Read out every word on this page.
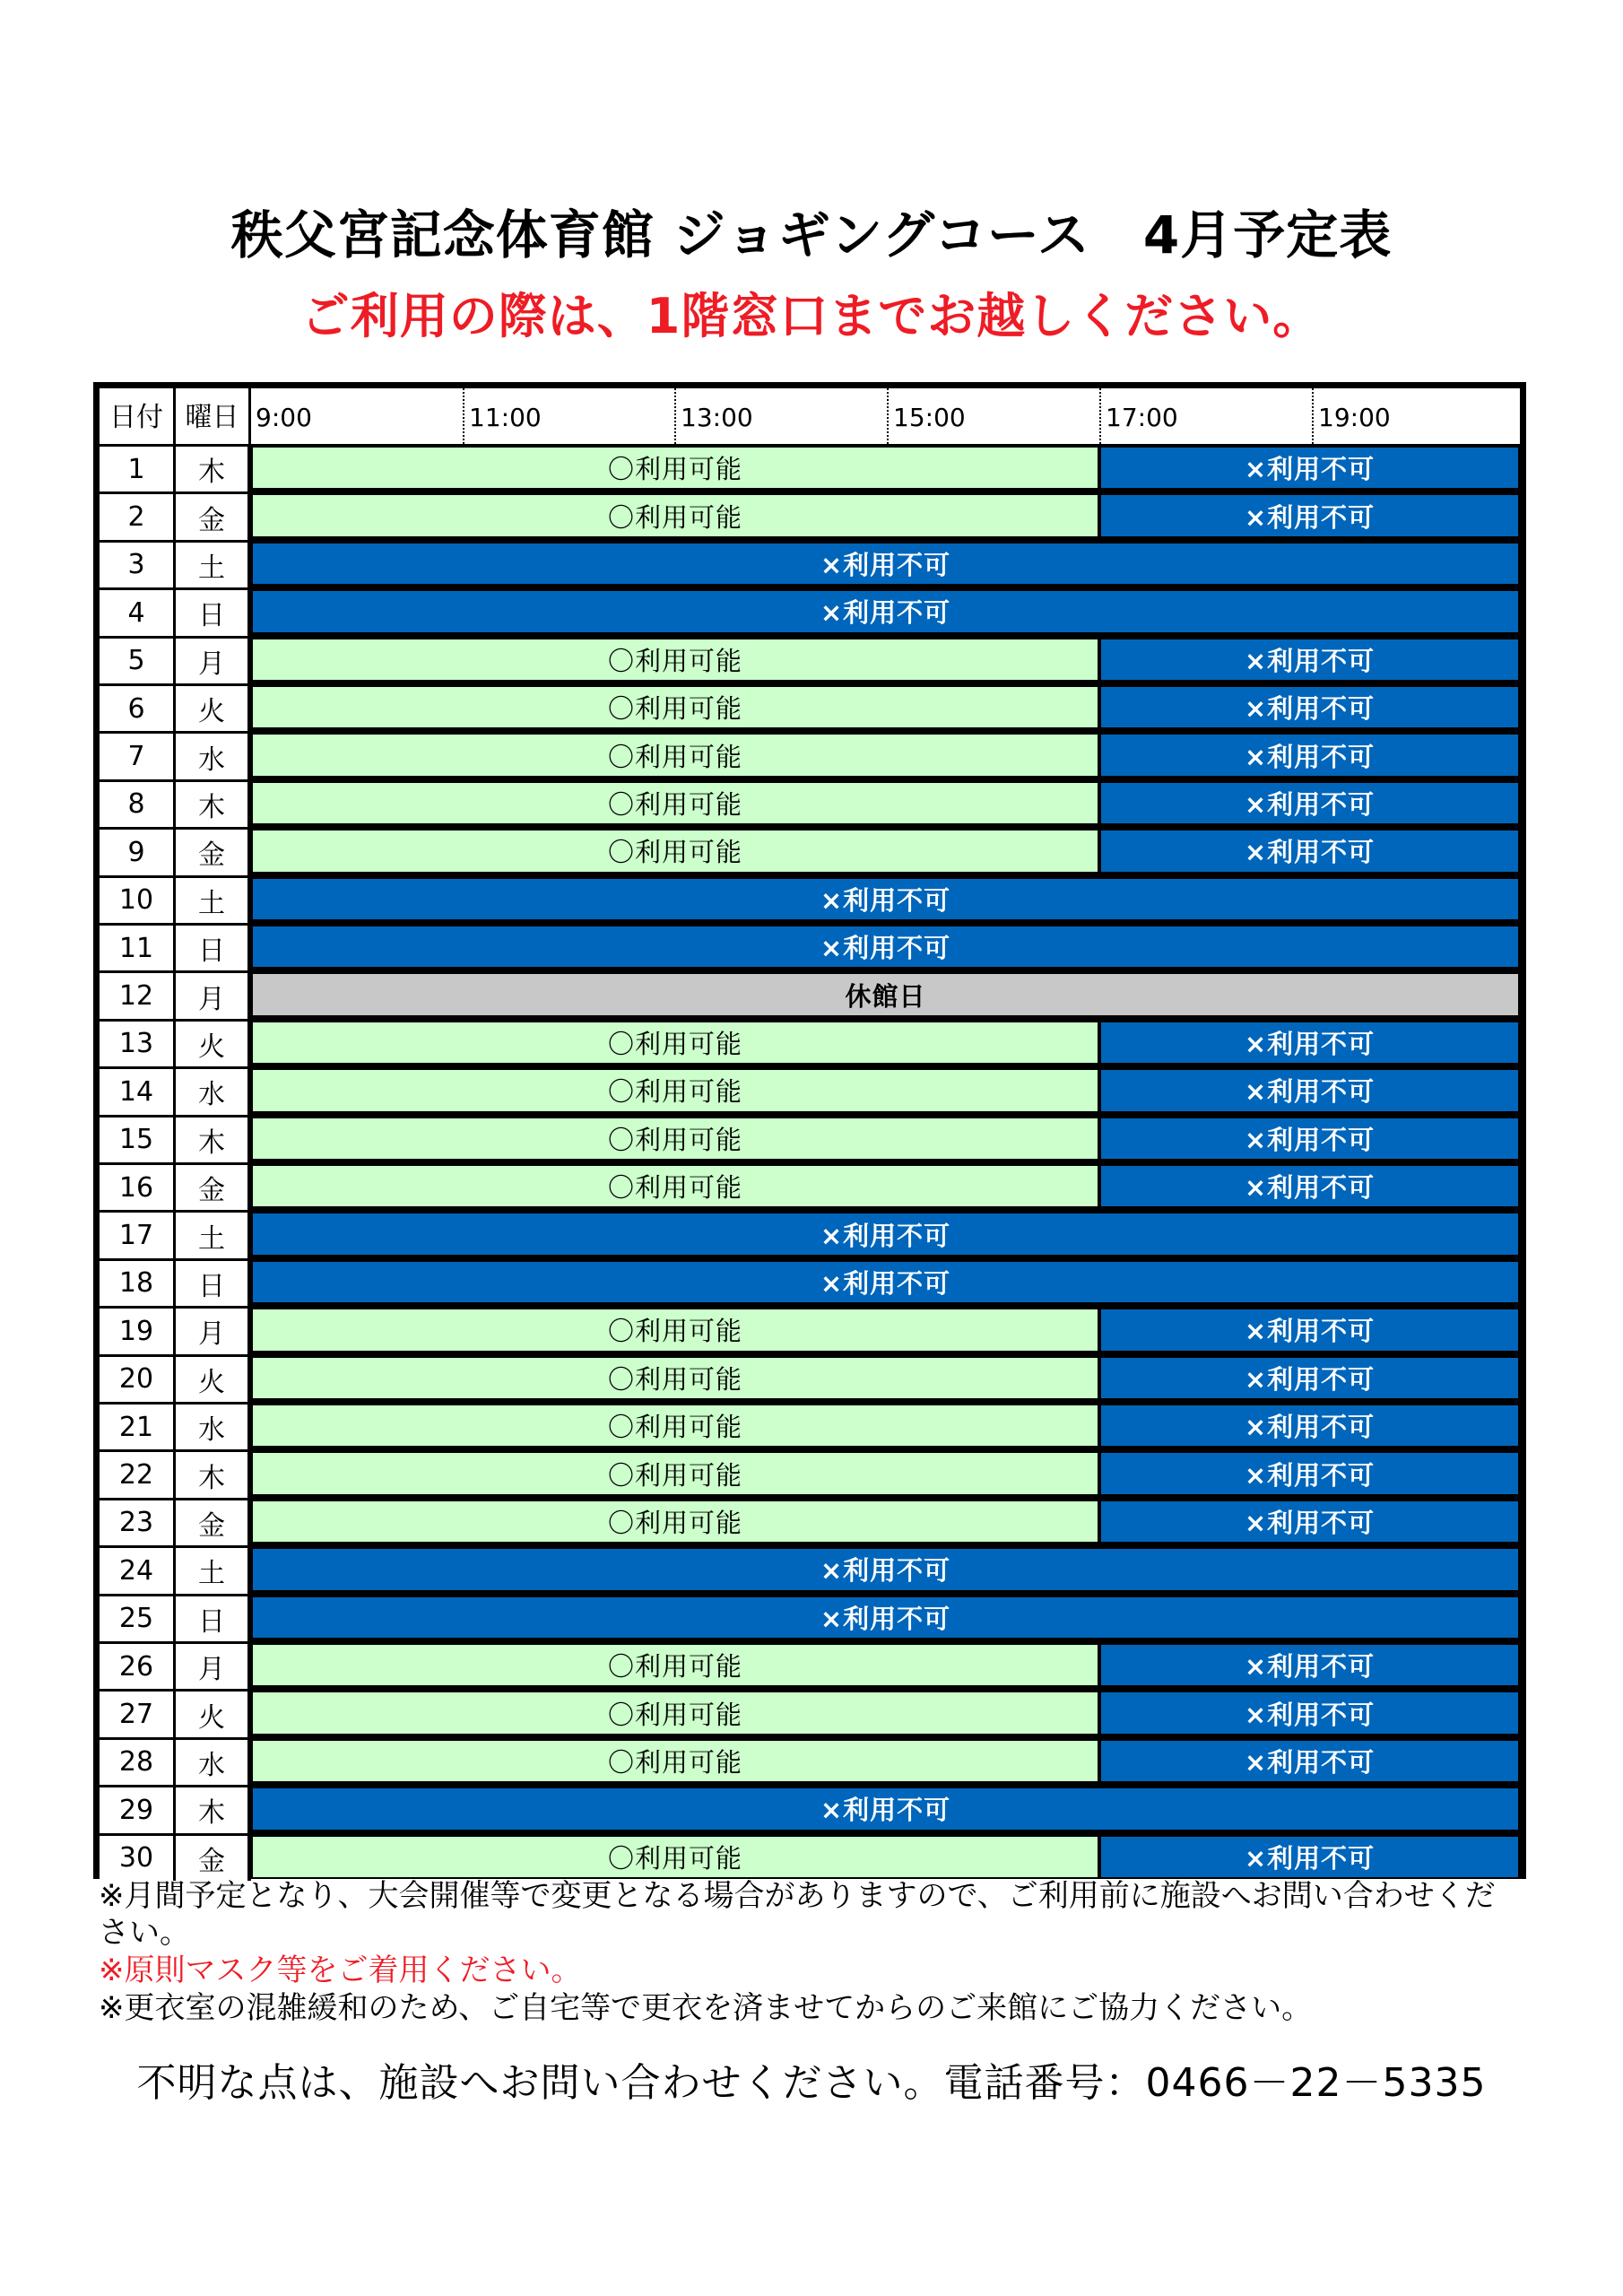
秩父宮記念体育館 ジョギングコース　4月予定表
ご利用の際は、1階窓口までお越しください。
日付 曜日 9:00	11:00	13:00	15:00	17:00	19:00
1	木	〇利用可能	×利用不可
2	金	〇利用可能	×利用不可
3	土	×利用不可
4	日	×利用不可
5	月	〇利用可能	×利用不可
6	火	〇利用可能	×利用不可
7	水	〇利用可能	×利用不可
8	木	〇利用可能	×利用不可
9	金	〇利用可能	×利用不可
10	土	×利用不可
11	日	×利用不可
12	月	休館日
13	火	〇利用可能	×利用不可
14	水	〇利用可能	×利用不可
15	木	〇利用可能	×利用不可
16	金	〇利用可能	×利用不可
17	土	×利用不可
18	日	×利用不可
19	月	〇利用可能	×利用不可
20	火	〇利用可能	×利用不可
21	水	〇利用可能	×利用不可
22	木	〇利用可能	×利用不可
23	金	〇利用可能	×利用不可
24	土	×利用不可
25	日	×利用不可
26	月	〇利用可能	×利用不可
27	火	〇利用可能	×利用不可
28	水	〇利用可能	×利用不可
29	木	×利用不可
30	金	〇利用可能	×利用不可
※月間予定となり、大会開催等で変更となる場合がありますので、ご利用前に施設へお問い合わせください。
※原則マスク等をご着用ください。
※更衣室の混雑緩和のため、ご自宅等で更衣を済ませてからのご来館にご協力ください。
不明な点は、施設へお問い合わせください。電話番号：0466－22－5335
